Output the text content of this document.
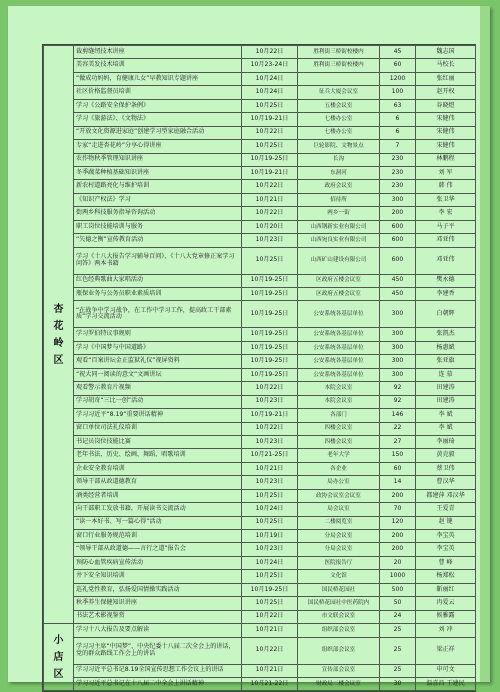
杏
花
岭
区	裁剪缝纫技术讲座	10月22日	胜利街三桥街校楼内	45	魏志国
	美容美发技术培训	10月23-24日	胜利街三桥街校楼内	60	马校长
	“做成功妈妈，育健康儿女”早教知识专题讲座	10月24日		1200	张红丽
	社区价格监督员培训	10月24日	征兵大厦会议室	100	赵开权
	学习《公路安全保护条例》	10月25日	五楼会议室	63	谷晓煜
	学习《旅游法》、《文物法》	10月19-21日	七楼办公室	6	宋健伟
	“开放文化资源进家庭”创建学习型家庭融合活动	10月22日	七楼办公室	6	宋健伟
	专家“走进杏花岭”分享心得讲座	10月25日	巨轮影院、文物景点	7	宋健伟
	农作物秋季管理知识讲座	10月19-25日	长沟	230	林鹏程
	冬季蔬菜种植基础知识讲座	10月19-21日	东洞河	230	刘 军
	新农村道路亮化与维护培训	10月22日	政府会议室	230	韩 伟
	《知识产权法》学习	10月21日	招待所	300	张卫华
	街两乡科技服务指导咨询活动	10月22日	两乡一街	200	李 宏
	职工岗位技能培训与服务	10月20日	山西钢新实业有限公司	600	马子平
	“矢德之衡”宣传教育活动	10月23日	山西宛良实业有限公司	600	邓亚伟
	学习《十八大报告学习辅导百问》、《十八大党章修正案学习问答》两本书籍	10月25日	山西矿山建设有限公司	600	邓亚伟
	红色经典歌曲大家唱活动	10月19-25日	区政府五楼会议室	450	樊永德
	瓶保业务与公务员职业素质培训	10月19-25日	区政府五楼会议室	450	李建香
	“在战争中学习战争，在工作中学习工作，提高政工干部素质”学习交流活动	10月19-25日	公安系统各基层单位	300	白朝辉
	学习罗伯特议事规则	10月19-25日	公安系统各基层单位	300	张凯杰
	学习《中国梦与中国道路》	10月19-25日	公安系统各基层单位	300	杨惠斌
	观看“百案讲坛金正监狱礼仪”视屏资料	10月19-25日	公安系统各基层单位	300	张亚旗
	“祝大同一阅读的意文”文画讲坛	10月19-25日	公安系统各基层单位	300	连 慕
	观看警示教育片视频	10月22日	本院会议室	92	田建涛
	学习胡奇“三比一创”活动	10月23日	本院会议室	92	田建涛
	学习习近平“8.19”重要讲话精神	10月19-21日	各部门	146	李 斌
	窗口单位司法礼仪培训	10月22日	四楼会议室	22	李 斌
	书记员岗位技能比赛	10月23日	四楼会议室	27	李丽琦
	老年书法、历史、绘画、舞蹈、唱歌培训	10月21-25日	老年大学	150	黄克毅
	企业安全教育培训	10月21日	各企业	60	蔡卫伟
	领导干部从政道德教育	10月23日	局办公室	14	曹汉华
	酒类经营者培训	10月25日	政协会议室会议室	200	都建萍 邓汉华
	向干部职工发放书籍，开展读书交流活动	10月24日	局会议室	70	王爱青
	“读一本好书、写一篇心得”活动	10月25日	二楼阅览室	120	赵 键
	窗口行业服务规范培训	10月19日	分局会议室	200	李宝英
	“领导干部从政道德——言行之道”报告会	10月23日	分局会议室	200	李宝英
	预防心血管疾病宣传活动	10月24日	医院报告厅	20	曹 峰
	井下安全知识培训	10月25日	文化馆	1000	杨郑松
	巡礼党性教育，弘扬爱国情操实践活动	10月19-25日	国民桥花园社	500	靳丽红
	秋季养生保健知识讲座	10月25日	国民桥花园社中医药院内	50	冉爱云
	书法艺术影视鉴赏	10月22日	市文联会议室	24	候雅露

小
店
区	学习十八大报告及要点解读	10月21日	组织部会议室	25	刘 冲
	学习习主席“中国梦”、中央纪委十八届二次全会上的讲话，党的群众路线工作会上的讲话	10月22日	组织部会议室	25	梁正祥
	学习习近平总书记8.19全国宣传思想工作会议上的讲话	10月21日	宣传部会议室	25	申可文
	学习习近平总书记在十八届二中全会上讲话精神	10月21-22日	财政局二楼会议室	30	温喜昌 王建民
